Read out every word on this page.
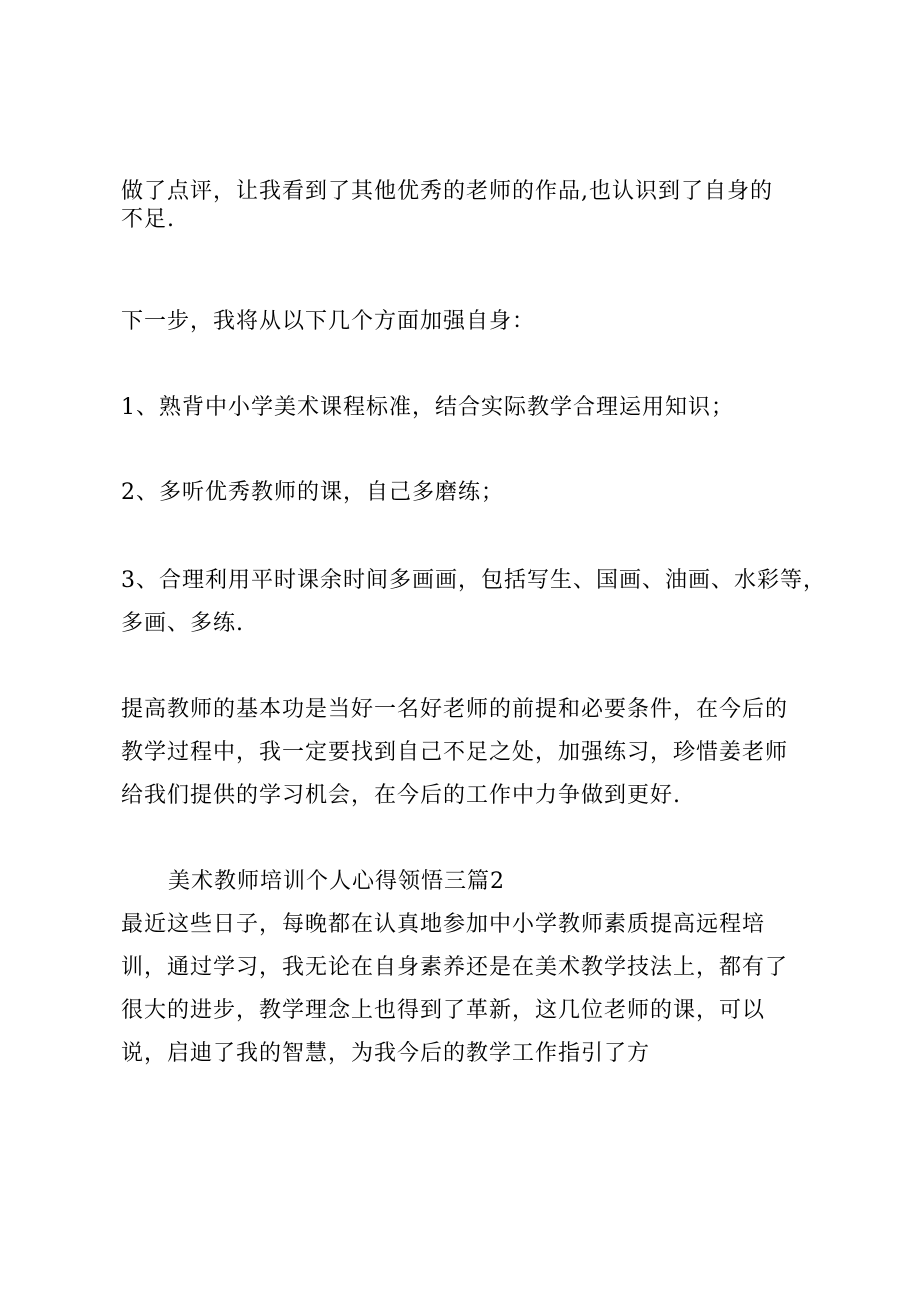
做了点评，让我看到了其他优秀的老师的作品,也认识到了自身的
不足.
下一步，我将从以下几个方面加强自身：
1、熟背中小学美术课程标准，结合实际教学合理运用知识；
2、多听优秀教师的课，自己多磨练；
3、合理利用平时课余时间多画画，包括写生、国画、油画、水彩等，
多画、多练.
提高教师的基本功是当好一名好老师的前提和必要条件，在今后的
教学过程中，我一定要找到自己不足之处，加强练习，珍惜姜老师
给我们提供的学习机会，在今后的工作中力争做到更好.
美术教师培训个人心得领悟三篇2
最近这些日子，每晚都在认真地参加中小学教师素质提高远程培
训，通过学习，我无论在自身素养还是在美术教学技法上，都有了
很大的进步，教学理念上也得到了革新，这几位老师的课，可以
说，启迪了我的智慧，为我今后的教学工作指引了方
